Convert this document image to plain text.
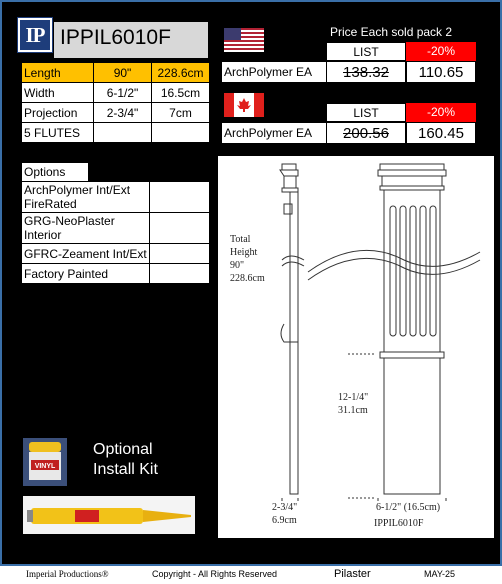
IP IPPIL6010F
Length	90"	228.6cm
Width	6-1/2"	16.5cm
Projection	2-3/4"	7cm
5 FLUTES		
Options
ArchPolymer Int/Ext FireRated	
GRG-NeoPlaster Interior	
GFRC-Zeament Int/Ext	
Factory Painted	
Price Each sold pack 2
LIST	-20%
ArchPolymer EA	138.32	110.65
LIST	-20%
ArchPolymer EA	200.56	160.45
Total
Height
90"
228.6cm
12-1/4"
31.1cm
2-3/4"
6.9cm
6-1/2" (16.5cm)
IPPIL6010F
VINYL
Optional
Install Kit
Imperial Productions®	Copyright - All Rights Reserved	Pilaster	MAY-25
